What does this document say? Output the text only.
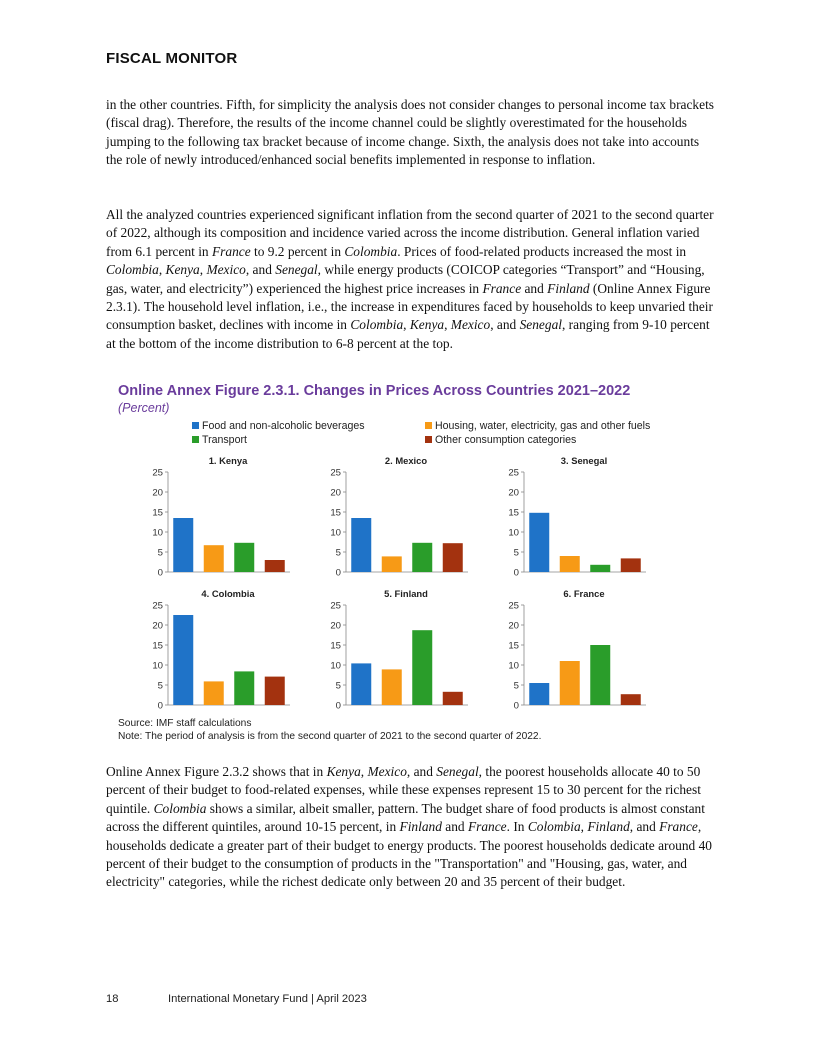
FISCAL MONITOR

in the other countries. Fifth, for simplicity the analysis does not consider changes to personal income tax brackets (fiscal drag). Therefore, the results of the income channel could be slightly overestimated for the households jumping to the following tax bracket because of income change. Sixth, the analysis does not take into accounts the role of newly introduced/enhanced social benefits implemented in response to inflation.

All the analyzed countries experienced significant inflation from the second quarter of 2021 to the second quarter of 2022, although its composition and incidence varied across the income distribution. General inflation varied from 6.1 percent in France to 9.2 percent in Colombia. Prices of food-related products increased the most in Colombia, Kenya, Mexico, and Senegal, while energy products (COICOP categories “Transport” and “Housing, gas, water, and electricity”) experienced the highest price increases in France and Finland (Online Annex Figure 2.3.1). The household level inflation, i.e., the increase in expenditures faced by households to keep unvaried their consumption basket, declines with income in Colombia, Kenya, Mexico, and Senegal, ranging from 9-10 percent at the bottom of the income distribution to 6-8 percent at the top.

Online Annex Figure 2.3.1. Changes in Prices Across Countries 2021–2022
(Percent)
Food and non-alcoholic beverages
Transport
Housing, water, electricity, gas and other fuels
Other consumption categories
1. Kenya
0
5
10
15
20
25
2. Mexico
0
5
10
15
20
25
3. Senegal
0
5
10
15
20
25
4. Colombia
0
5
10
15
20
25
5. Finland
0
5
10
15
20
25
6. France
0
5
10
15
20
25
Source: IMF staff calculations
Note: The period of analysis is from the second quarter of 2021 to the second quarter of 2022.

Online Annex Figure 2.3.2 shows that in Kenya, Mexico, and Senegal, the poorest households allocate 40 to 50 percent of their budget to food-related expenses, while these expenses represent 15 to 30 percent for the richest quintile. Colombia shows a similar, albeit smaller, pattern. The budget share of food products is almost constant across the different quintiles, around 10-15 percent, in Finland and France. In Colombia, Finland, and France, households dedicate a greater part of their budget to energy products. The poorest households dedicate around 40 percent of their budget to the consumption of products in the "Transportation" and "Housing, gas, water, and electricity" categories, while the richest dedicate only between 20 and 35 percent of their budget.

18	International Monetary Fund | April 2023
